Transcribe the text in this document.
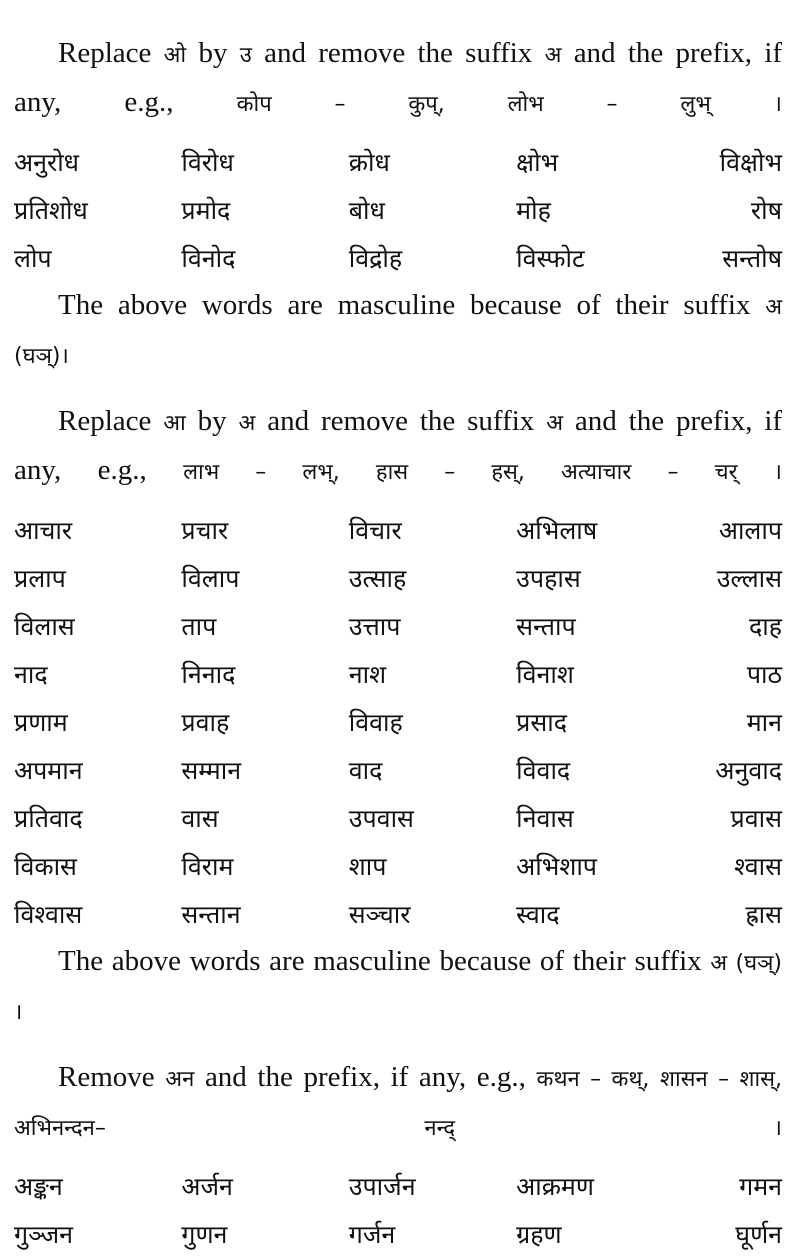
Replace ओ by उ and remove the suffix अ and the prefix, if any, e.g.,	कोप – कुप्, लोभ – लुभ् ।

अनुरोध	विरोध	क्रोध	क्षोभ	विक्षोभ
प्रतिशोध	प्रमोद	बोध	मोह	रोष
लोप	विनोद	विद्रोह	विस्फोट	सन्तोष

The above words are masculine because of their suffix अ (घञ्)।

Replace आ by अ and remove the suffix अ and the prefix, if any, e.g., लाभ – लभ्, हास – हस्, अत्याचार – चर् ।

आचार	प्रचार	विचार	अभिलाष	आलाप
प्रलाप	विलाप	उत्साह	उपहास	उल्लास
विलास	ताप	उत्ताप	सन्ताप	दाह
नाद	निनाद	नाश	विनाश	पाठ
प्रणाम	प्रवाह	विवाह	प्रसाद	मान
अपमान	सम्मान	वाद	विवाद	अनुवाद
प्रतिवाद	वास	उपवास	निवास	प्रवास
विकास	विराम	शाप	अभिशाप	श्वास
विश्वास	सन्तान	सञ्चार	स्वाद	ह्रास

The above words are masculine because of their suffix अ (घञ्) ।

Remove अन and the prefix, if any, e.g., कथन – कथ्, शासन – शास्, अभिनन्दन– नन्द् ।

अङ्कन	अर्जन	उपार्जन	आक्रमण	गमन
गुञ्जन	गुणन	गर्जन	ग्रहण	घूर्णन
